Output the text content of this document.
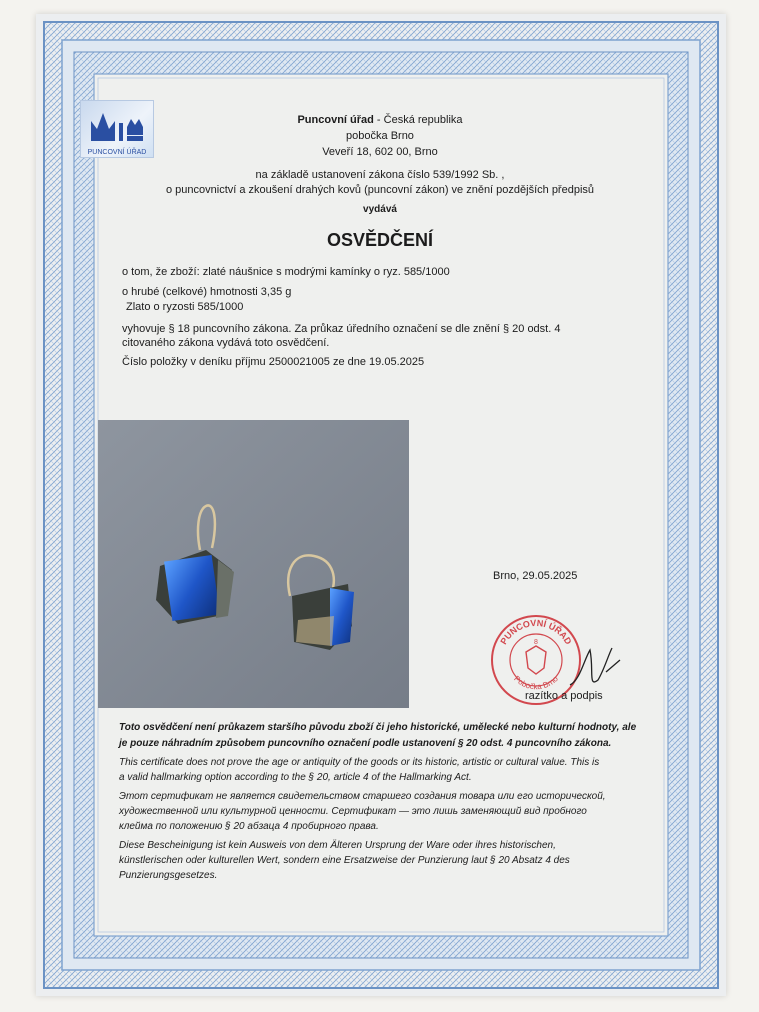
PUNCOVNÍ ÚŘAD
Puncovní úřad - Česká republika
pobočka Brno
Veveří 18, 602 00, Brno
na základě ustanovení zákona číslo 539/1992 Sb. ,
o puncovnictví a zkoušení drahých kovů (puncovní zákon) ve znění pozdějších předpisů
vydává
OSVĚDČENÍ
o tom, že zboží: zlaté náušnice s modrými kamínky o ryz. 585/1000
o hrubé (celkové) hmotnosti 3,35 g
Zlato o ryzosti 585/1000
vyhovuje § 18 puncovního zákona. Za průkaz úředního označení se dle znění § 20 odst. 4
citovaného zákona vydává toto osvědčení.
Číslo položky v deníku příjmu 2500021005 ze dne 19.05.2025
Brno, 29.05.2025
PUNCOVNÍ ÚŘAD
Pobočka Brno
8
razítko a podpis
Toto osvědčení není průkazem staršího původu zboží či jeho historické, umělecké nebo kulturní hodnoty, ale
je pouze náhradním způsobem puncovního označení podle ustanovení § 20 odst. 4 puncovního zákona.
This certificate does not prove the age or antiquity of the goods or its historic, artistic or cultural value. This is
a valid hallmarking option according to the § 20, article 4 of the Hallmarking Act.
Этот сертификат не является свидетельством старшего создания товара или его исторической,
художественной или культурной ценности. Сертификат — это лишь заменяющий вид пробного
клейма по положению § 20 абзаца 4 пробирного права.
Diese Bescheinigung ist kein Ausweis von dem Älteren Ursprung der Ware oder ihres historischen,
künstlerischen oder kulturellen Wert, sondern eine Ersatzweise der Punzierung laut § 20 Absatz 4 des
Punzierungsgesetzes.
